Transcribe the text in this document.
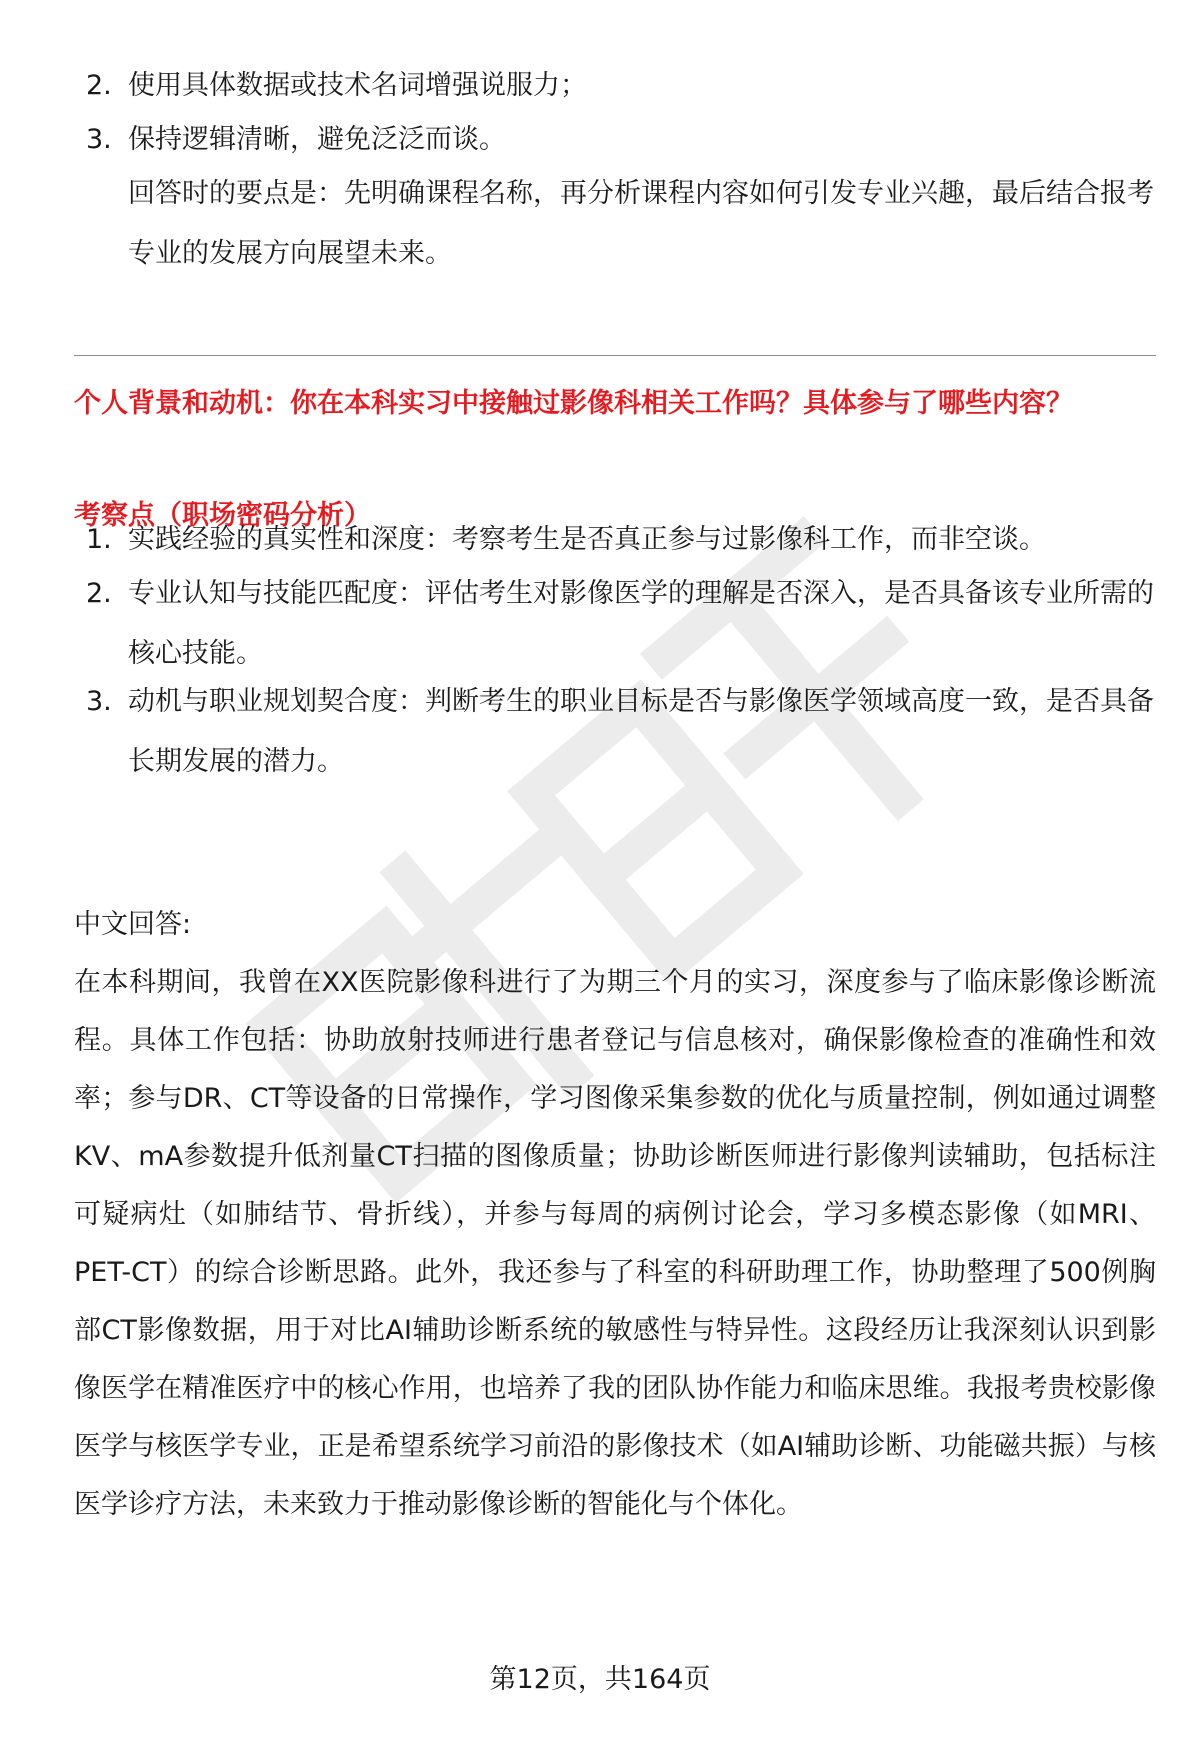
2. 使用具体数据或技术名词增强说服力；
3. 保持逻辑清晰，避免泛泛而谈。
回答时的要点是：先明确课程名称，再分析课程内容如何引发专业兴趣，最后结合报考专业的发展方向展望未来。
个人背景和动机：你在本科实习中接触过影像科相关工作吗？具体参与了哪些内容？
考察点（职场密码分析）
1. 实践经验的真实性和深度：考察考生是否真正参与过影像科工作，而非空谈。
2. 专业认知与技能匹配度：评估考生对影像医学的理解是否深入，是否具备该专业所需的核心技能。
3. 动机与职业规划契合度：判断考生的职业目标是否与影像医学领域高度一致，是否具备长期发展的潜力。
中文回答:
在本科期间，我曾在XX医院影像科进行了为期三个月的实习，深度参与了临床影像诊断流程。具体工作包括：协助放射技师进行患者登记与信息核对，确保影像检查的准确性和效率；参与DR、CT等设备的日常操作，学习图像采集参数的优化与质量控制，例如通过调整KV、mA参数提升低剂量CT扫描的图像质量；协助诊断医师进行影像判读辅助，包括标注可疑病灶（如肺结节、骨折线），并参与每周的病例讨论会，学习多模态影像（如MRI、PET-CT）的综合诊断思路。此外，我还参与了科室的科研助理工作，协助整理了500例胸部CT影像数据，用于对比AI辅助诊断系统的敏感性与特异性。这段经历让我深刻认识到影像医学在精准医疗中的核心作用，也培养了我的团队协作能力和临床思维。我报考贵校影像医学与核医学专业，正是希望系统学习前沿的影像技术（如AI辅助诊断、功能磁共振）与核医学诊疗方法，未来致力于推动影像诊断的智能化与个体化。
第12页，共164页
